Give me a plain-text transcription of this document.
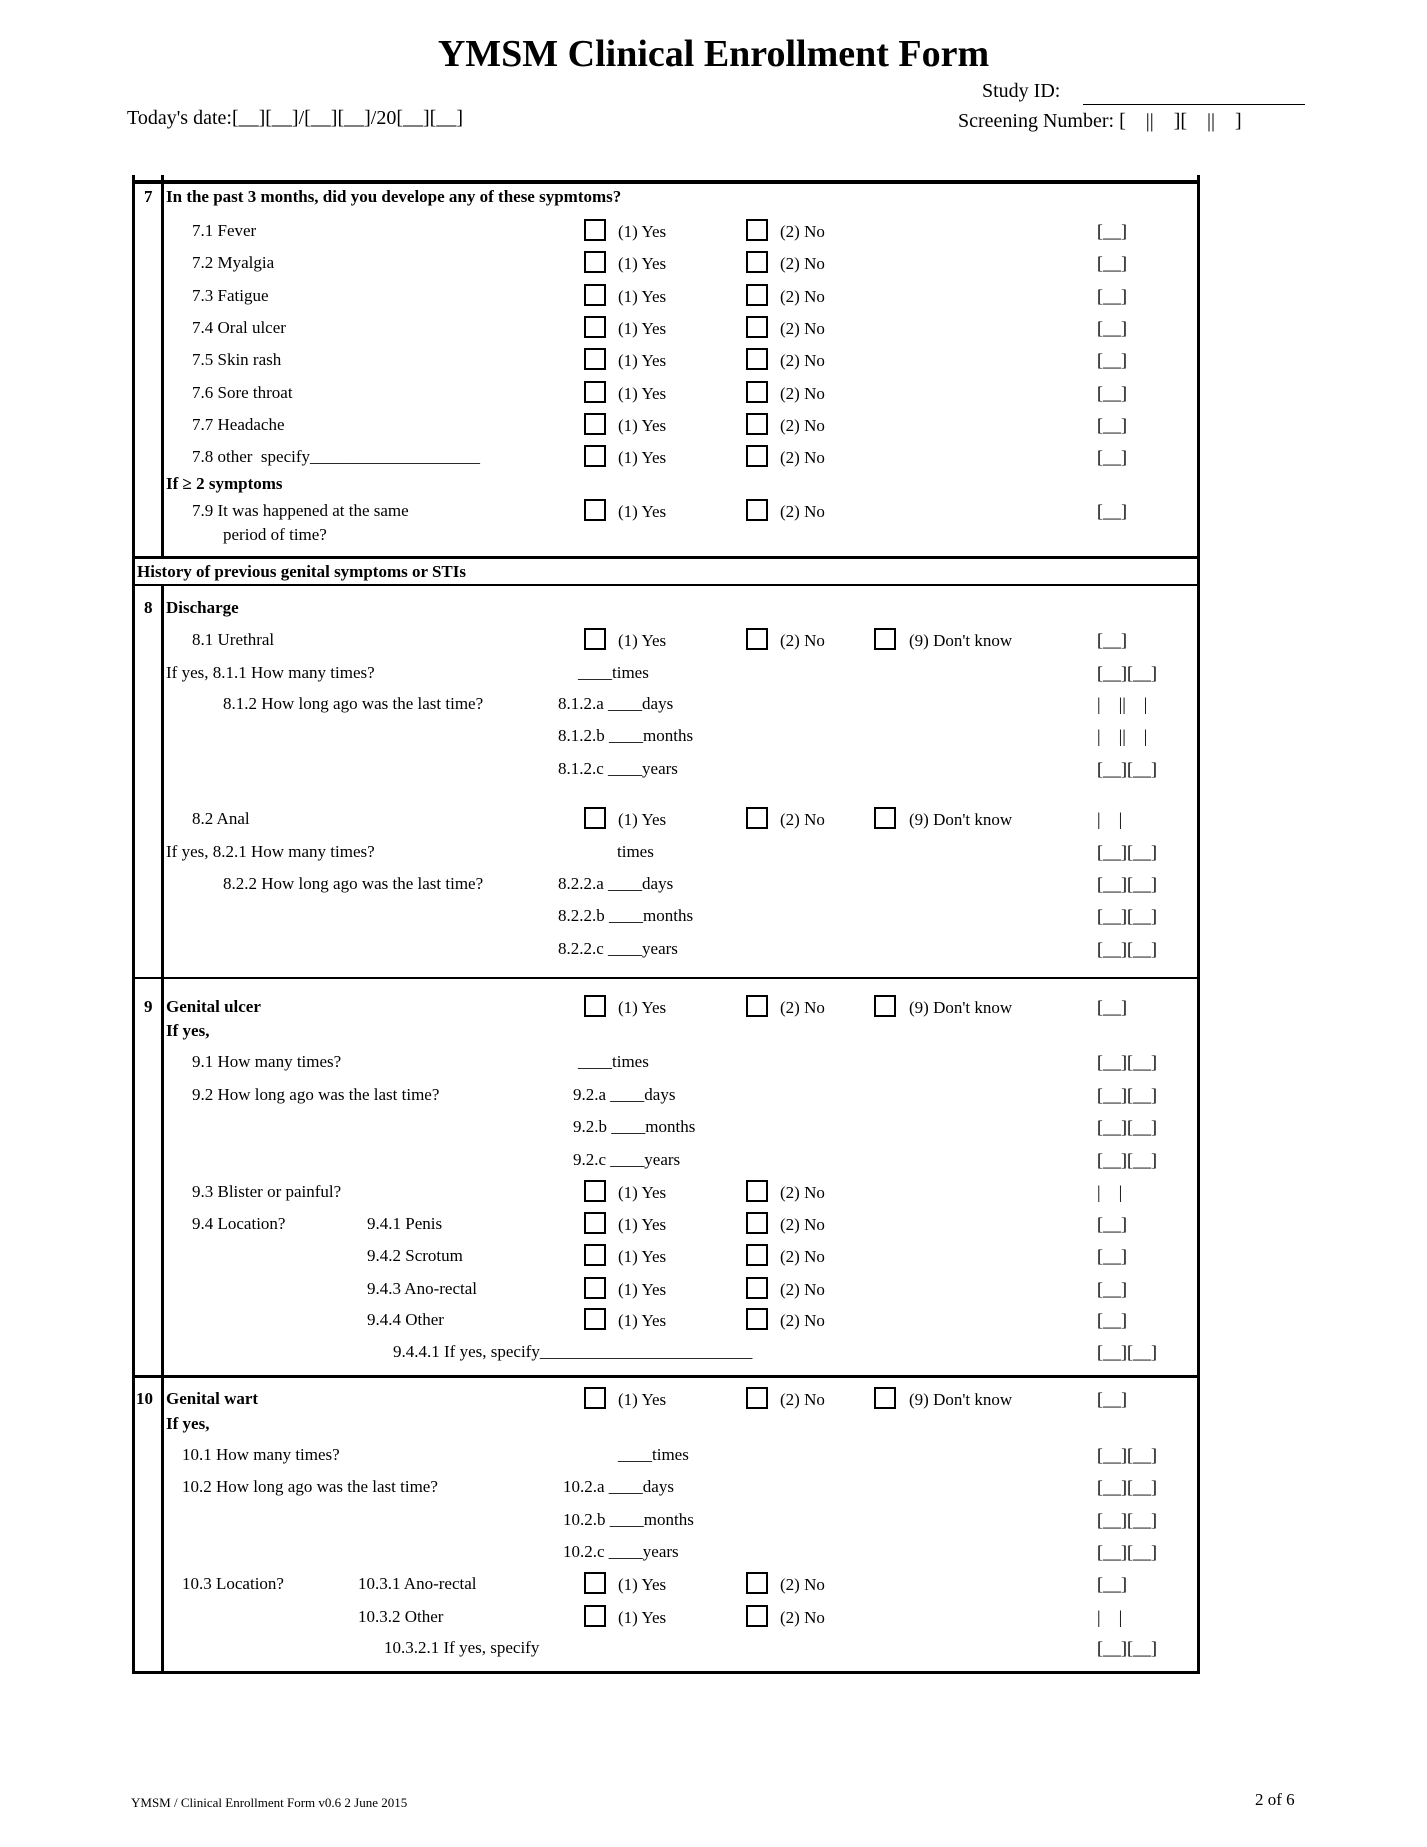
YMSM Clinical Enrollment Form
Study ID:
Screening Number: [    ||    ][    ||    ]
Today's date:[__][__]/[__][__]/20[__][__]
7 In the past 3 months, did you develope any of these sypmtoms?
7.1 Fever	(1) Yes	(2) No	[__]
7.2 Myalgia	(1) Yes	(2) No	[__]
7.3 Fatigue	(1) Yes	(2) No	[__]
7.4 Oral ulcer	(1) Yes	(2) No	[__]
7.5 Skin rash	(1) Yes	(2) No	[__]
7.6 Sore throat	(1) Yes	(2) No	[__]
7.7 Headache	(1) Yes	(2) No	[__]
7.8 other  specify____________________	(1) Yes	(2) No	[__]
If ≥ 2 symptoms
7.9 It was happened at the same	(1) Yes	(2) No	[__]
period of time?
History of previous genital symptoms or STIs
8 Discharge
8.1 Urethral	(1) Yes	(2) No	(9) Don't know	[__]
If yes, 8.1.1 How many times?	____times	[__][__]
8.1.2 How long ago was the last time?	8.1.2.a ____days	|    ||    |
8.1.2.b ____months	|    ||    |
8.1.2.c ____years	[__][__]
8.2 Anal	(1) Yes	(2) No	(9) Don't know	|    |
If yes, 8.2.1 How many times?	times	[__][__]
8.2.2 How long ago was the last time?	8.2.2.a ____days	[__][__]
8.2.2.b ____months	[__][__]
8.2.2.c ____years	[__][__]
9 Genital ulcer	(1) Yes	(2) No	(9) Don't know	[__]
If yes,
9.1 How many times?	____times	[__][__]
9.2 How long ago was the last time?	9.2.a ____days	[__][__]
9.2.b ____months	[__][__]
9.2.c ____years	[__][__]
9.3 Blister or painful?	(1) Yes	(2) No	|    |
9.4 Location?	9.4.1 Penis	(1) Yes	(2) No	[__]
9.4.2 Scrotum	(1) Yes	(2) No	[__]
9.4.3 Ano-rectal	(1) Yes	(2) No	[__]
9.4.4 Other	(1) Yes	(2) No	[__]
9.4.4.1 If yes, specify_________________________	[__][__]
10 Genital wart	(1) Yes	(2) No	(9) Don't know	[__]
If yes,
10.1 How many times?	____times	[__][__]
10.2 How long ago was the last time?	10.2.a ____days	[__][__]
10.2.b ____months	[__][__]
10.2.c ____years	[__][__]
10.3 Location?	10.3.1 Ano-rectal	(1) Yes	(2) No	[__]
10.3.2 Other	(1) Yes	(2) No	|    |
10.3.2.1 If yes, specify	[__][__]
YMSM / Clinical Enrollment Form v0.6 2 June 2015	2 of 6
